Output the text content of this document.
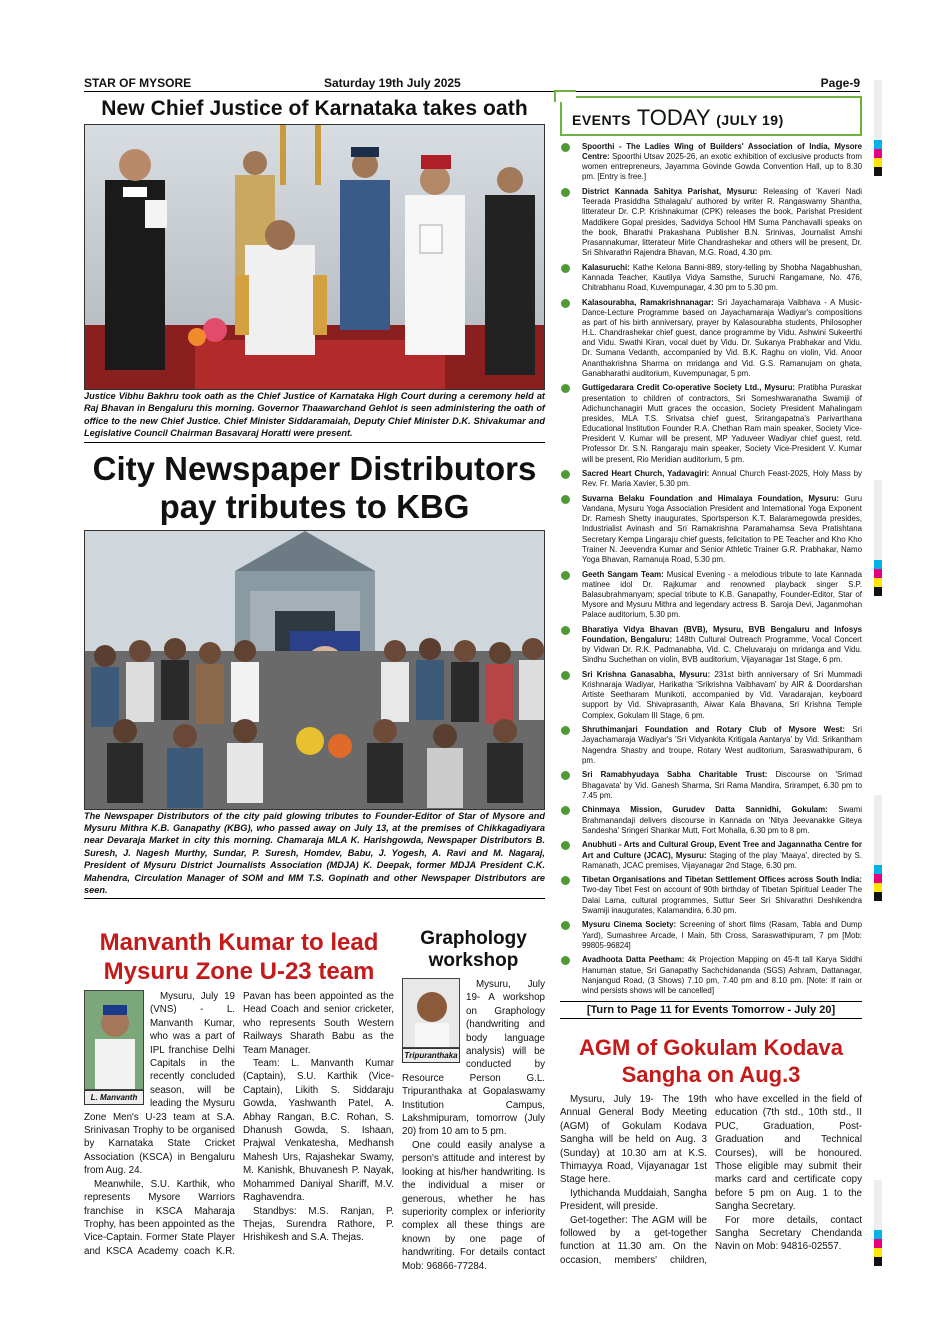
STAR OF MYSORE	Saturday 19th July 2025	Page-9
New Chief Justice of Karnataka takes oath

Justice Vibhu Bakhru took oath as the Chief Justice of Karnataka High Court during a ceremony held at Raj Bhavan in Bengaluru this morning. Governor Thaawarchand Gehlot is seen administering the oath of office to the new Chief Justice. Chief Minister Siddaramaiah, Deputy Chief Minister D.K. Shivakumar and Legislative Council Chairman Basavaraj Horatti were present.

City Newspaper Distributors
pay tributes to KBG

The Newspaper Distributors of the city paid glowing tributes to Founder-Editor of Star of Mysore and Mysuru Mithra K.B. Ganapathy (KBG), who passed away on July 13, at the premises of Chikkagadiyara near Devaraja Market in city this morning. Chamaraja MLA K. Harishgowda, Newspaper Distributors B. Suresh, J. Nagesh Murthy, Sundar, P. Suresh, Homdev, Babu, J. Yogesh, A. Ravi and M. Nagaraj, President of Mysuru District Journalists Association (MDJA) K. Deepak, former MDJA President C.K. Mahendra, Circulation Manager of SOM and MM T.S. Gopinath and other Newspaper Distributors are seen.

Manvanth Kumar to lead
Mysuru Zone U-23 team
L. Manvanth

Mysuru, July 19 (VNS) - L. Manvanth Kumar, who was a part of IPL franchise Delhi Capitals in the recently concluded season, will be leading the Mysuru Zone Men's U-23 team at S.A. Srinivasan Trophy to be organised by Karnataka State Cricket Association (KSCA) in Bengaluru from Aug. 24.

Meanwhile, S.U. Karthik, who represents Mysore Warriors franchise in KSCA Maharaja Trophy, has been appointed as the Vice-Captain. Former State Player and KSCA Academy coach K.R. Pavan has been appointed as the Head Coach and senior cricketer, who represents South Western Railways Sharath Babu as the Team Manager.

Team: L. Manvanth Kumar (Captain), S.U. Karthik (Vice-Captain), Likith S. Siddaraju Gowda, Yashwanth Patel, A. Abhay Rangan, B.C. Rohan, S. Dhanush Gowda, S. Ishaan, Prajwal Venkatesha, Medhansh Mahesh Urs, Rajashekar Swamy, M. Kanishk, Bhuvanesh P. Nayak, Mohammed Daniyal Shariff, M.V. Raghavendra.

Standbys: M.S. Ranjan, P. Thejas, Surendra Rathore, P. Hrishikesh and S.A. Thejas.

Graphology
workshop
Tripuranthaka

Mysuru, July 19- A workshop on Graphology (handwriting and body language analysis) will be conducted by Resource Person G.L. Tripuranthaka at Gopalaswamy Institution Campus, Lakshmipuram, tomorrow (July 20) from 10 am to 5 pm.

One could easily analyse a person's attitude and interest by looking at his/her handwriting. Is the individual a miser or generous, whether he has superiority complex or inferiority complex all these things are known by one page of handwriting. For details contact Mob: 96866-77284.

EVENTS TODAY (JULY 19)
Spoorthi - The Ladies Wing of Builders' Association of India, Mysore Centre: Spoorthi Utsav 2025-26, an exotic exhibition of exclusive products from women entrepreneurs, Jayamma Govinde Gowda Convention Hall, up to 8.30 pm. [Entry is free.]
District Kannada Sahitya Parishat, Mysuru: Releasing of 'Kaveri Nadi Teerada Prasiddha Sthalagalu' authored by writer R. Rangaswamy Shantha, litterateur Dr. C.P. Krishnakumar (CPK) releases the book, Parishat President Maddikere Gopal presides, Sadvidya School HM Suma Panchavalli speaks on the book, Bharathi Prakashana Publisher B.N. Srinivas, Journalist Amshi Prasannakumar, litterateur Mirle Chandrashekar and others will be present, Dr. Sri Shivarathri Rajendra Bhavan, M.G. Road, 4.30 pm.
Kalasuruchi: Kathe Kelona Banni-889, story-telling by Shobha Nagabhushan, Kannada Teacher, Kautilya Vidya Samsthe, Suruchi Rangamane, No. 476, Chitrabhanu Road, Kuvempunagar, 4.30 pm to 5.30 pm.
Kalasourabha, Ramakrishnanagar: Sri Jayachamaraja Vaibhava - A Music-Dance-Lecture Programme based on Jayachamaraja Wadiyar's compositions as part of his birth anniversary, prayer by Kalasourabha students, Philosopher H.L. Chandrashekar chief guest, dance programme by Vidu. Ashwini Sukeerthi and Vidu. Swathi Kiran, vocal duet by Vidu. Dr. Sukanya Prabhakar and Vidu. Dr. Sumana Vedanth, accompanied by Vid. B.K. Raghu on violin, Vid. Anoor Ananthakrishna Sharma on mridanga and Vid. G.S. Ramanujam on ghata, Ganabharathi auditorium, Kuvempunagar, 5 pm.
Guttigedarara Credit Co-operative Society Ltd., Mysuru: Pratibha Puraskar presentation to children of contractors, Sri Someshwaranatha Swamiji of Adichunchanagiri Mutt graces the occasion, Society President Mahalingam presides, MLA T.S. Srivatsa chief guest, Srirangapatna's Parivarthana Educational Institution Founder R.A. Chethan Ram main speaker, Society Vice-President V. Kumar will be present, MP Yaduveer Wadiyar chief guest, retd. Professor Dr. S.N. Rangaraju main speaker, Society Vice-President V. Kumar will be present, Rio Meridian auditorium, 5 pm.
Sacred Heart Church, Yadavagiri: Annual Church Feast-2025, Holy Mass by Rev. Fr. Maria Xavier, 5.30 pm.
Suvarna Belaku Foundation and Himalaya Foundation, Mysuru: Guru Vandana, Mysuru Yoga Association President and International Yoga Exponent Dr. Ramesh Shetty inaugurates, Sportsperson K.T. Balaramegowda presides, Industrialist Avinash and Sri Ramakrishna Paramahamsa Seva Pratishtana Secretary Kempa Lingaraju chief guests, felicitation to PE Teacher and Kho Kho Trainer N. Jeevendra Kumar and Senior Athletic Trainer G.R. Prabhakar, Namo Yoga Bhavan, Ramanuja Road, 5.30 pm.
Geeth Sangam Team: Musical Evening - a melodious tribute to late Kannada matinee idol Dr. Rajkumar and renowned playback singer S.P. Balasubrahmanyam; special tribute to K.B. Ganapathy, Founder-Editor, Star of Mysore and Mysuru Mithra and legendary actress B. Saroja Devi, Jaganmohan Palace auditorium, 5.30 pm.
Bharatiya Vidya Bhavan (BVB), Mysuru, BVB Bengaluru and Infosys Foundation, Bengaluru: 148th Cultural Outreach Programme, Vocal Concert by Vidwan Dr. R.K. Padmanabha, Vid. C. Cheluvaraju on mridanga and Vidu. Sindhu Suchethan on violin, BVB auditorium, Vijayanagar 1st Stage, 6 pm.
Sri Krishna Ganasabha, Mysuru: 231st birth anniversary of Sri Mummadi Krishnaraja Wadiyar, Harikatha 'Srikrishna Vaibhavam' by AIR & Doordarshan Artiste Seetharam Munikoti, accompanied by Vid. Varadarajan, keyboard support by Vid. Shivaprasanth, Aiwar Kala Bhavana, Sri Krishna Temple Complex, Gokulam III Stage, 6 pm.
Shruthimanjari Foundation and Rotary Club of Mysore West: Sri Jayachamaraja Wadiyar's 'Sri Vidyankita Kritigala Aantarya' by Vid. Srikantham Nagendra Shastry and troupe, Rotary West auditorium, Saraswathipuram, 6 pm.
Sri Ramabhyudaya Sabha Charitable Trust: Discourse on 'Srimad Bhagavata' by Vid. Ganesh Sharma, Sri Rama Mandira, Srirampet, 6.30 pm to 7.45 pm.
Chinmaya Mission, Gurudev Datta Sannidhi, Gokulam: Swami Brahmanandaji delivers discourse in Kannada on 'Nitya Jeevanakke Giteya Sandesha' Sringeri Shankar Mutt, Fort Mohalla, 6.30 pm to 8 pm.
Anubhuti - Arts and Cultural Group, Event Tree and Jagannatha Centre for Art and Culture (JCAC), Mysuru: Staging of the play 'Maaya', directed by S. Ramanath, JCAC premises, Vijayanagar 2nd Stage, 6.30 pm.
Tibetan Organisations and Tibetan Settlement Offices across South India: Two-day Tibet Fest on account of 90th birthday of Tibetan Spiritual Leader The Dalai Lama, cultural programmes, Suttur Seer Sri Shivarathri Deshikendra Swamiji inaugurates, Kalamandira, 6.30 pm.
Mysuru Cinema Society: Screening of short films (Rasam, Tabla and Dump Yard), Sumashree Arcade, I Main, 5th Cross, Saraswathipuram, 7 pm [Mob: 99805-96824]
Avadhoota Datta Peetham: 4k Projection Mapping on 45-ft tall Karya Siddhi Hanuman statue, Sri Ganapathy Sachchidananda (SGS) Ashram, Dattanagar, Nanjangud Road, (3 Shows) 7.10 pm, 7.40 pm and 8.10 pm. [Note: If rain or wind persists shows will be cancelled]
[Turn to Page 11 for Events Tomorrow - July 20]
AGM of Gokulam Kodava
Sangha on Aug.3

Mysuru, July 19- The 19th Annual General Body Meeting (AGM) of Gokulam Kodava Sangha will be held on Aug. 3 (Sunday) at 10.30 am at K.S. Thimayya Road, Vijayanagar 1st Stage here.

Iythichanda Muddaiah, Sangha President, will preside.

Get-together: The AGM will be followed by a get-together function at 11.30 am. On the occasion, members' children, who have excelled in the field of education (7th std., 10th std., II PUC, Graduation, Post-Graduation and Technical Courses), will be honoured. Those eligible may submit their marks card and certificate copy before 5 pm on Aug. 1 to the Sangha Secretary.

For more details, contact Sangha Secretary Chendanda Navin on Mob: 94816-02557.
